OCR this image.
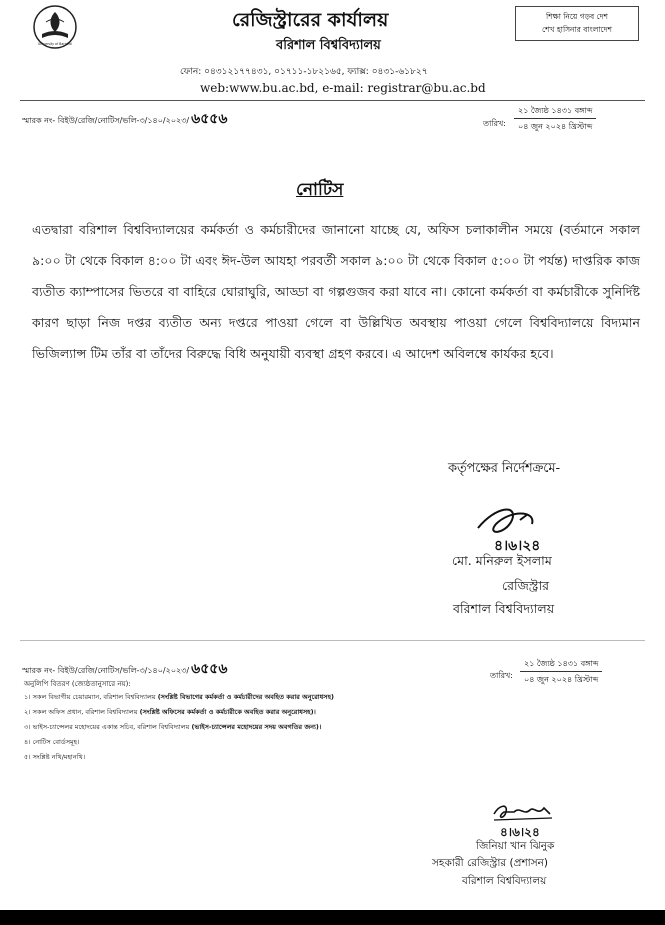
University of Barishal
রেজিস্ট্রারের কার্যালয়
বরিশাল বিশ্ববিদ্যালয়
ফোন: ০৪৩১২১৭৭৪৩১, ০১৭১১-১৮২১৬৫, ফ্যাক্স: ০৪৩১-৬১৮২৭
web:www.bu.ac.bd, e-mail: registrar@bu.ac.bd
শিক্ষা নিয়ে গড়ব দেশ
শেখ হাসিনার বাংলাদেশ
স্মারক নং- বিইউ/রেজি/নোটিস/ভলি-৩/১৪০/২০২৩/ ৬৫৫৬	তারিখ:
২১ জ্যৈষ্ঠ ১৪৩১ বঙ্গাব্দ
০৪ জুন ২০২৪ খ্রিস্টাব্দ
নোটিস

এতদ্বারা বরিশাল বিশ্ববিদ্যালয়ের কর্মকর্তা ও কর্মচারীদের জানানো যাচ্ছে যে, অফিস চলাকালীন সময়ে (বর্তমানে সকাল ৯:০০ টা থেকে বিকাল ৪:০০ টা এবং ঈদ-উল আযহা পরবর্তী সকাল ৯:০০ টা থেকে বিকাল ৫:০০ টা পর্যন্ত) দাপ্তরিক কাজ ব্যতীত ক্যাম্পাসের ভিতরে বা বাহিরে ঘোরাঘুরি, আড্ডা বা গল্পগুজব করা যাবে না। কোনো কর্মকর্তা বা কর্মচারীকে সুনির্দিষ্ট কারণ ছাড়া নিজ দপ্তর ব্যতীত অন্য দপ্তরে পাওয়া গেলে বা উল্লিখিত অবস্থায় পাওয়া গেলে বিশ্ববিদ্যালয়ে বিদ্যমান ভিজিল্যান্স টিম তাঁর বা তাঁদের বিরুদ্ধে বিধি অনুযায়ী ব্যবস্থা গ্রহণ করবে। এ আদেশ অবিলম্বে কার্যকর হবে।

কর্তৃপক্ষের নির্দেশক্রমে-
৪।৬।২৪
মো. মনিরুল ইসলাম
রেজিস্ট্রার
বরিশাল বিশ্ববিদ্যালয়
স্মারক নং- বিইউ/রেজি/নোটিস/ভলি-৩/১৪০/২০২৩/ ৬৫৫৬	তারিখ:
২১ জ্যৈষ্ঠ ১৪৩১ বঙ্গাব্দ
০৪ জুন ২০২৪ খ্রিস্টাব্দ
অনুলিপি বিতরণ (জ্যেষ্ঠতানুসারে নয়):
১। সকল বিভাগীয় চেয়ারম্যান, বরিশাল বিশ্ববিদ্যালয় (সংশ্লিষ্ট বিভাগের কর্মকর্তা ও কর্মচারীদের অবহিত করার অনুরোধসহ)
২। সকল অফিস প্রধান, বরিশাল বিশ্ববিদ্যালয় (সংশ্লিষ্ট অফিসের কর্মকর্তা ও কর্মচারীকে অবহিত করার অনুরোধসহ)।
৩। ভাইস-চ্যান্সেলর মহোদয়ের একান্ত সচিব, বরিশাল বিশ্ববিদ্যালয় (ভাইস-চ্যান্সেলর মহোদয়ের সদয় অবগতির জন্য)।
৪। নোটিস বোর্ডসমূহ।
৫। সংশ্লিষ্ট নথি/মহানথি।
৪।৬।২৪
জিনিয়া খান ঝিনুক
সহকারী রেজিস্ট্রার (প্রশাসন)
বরিশাল বিশ্ববিদ্যালয়
